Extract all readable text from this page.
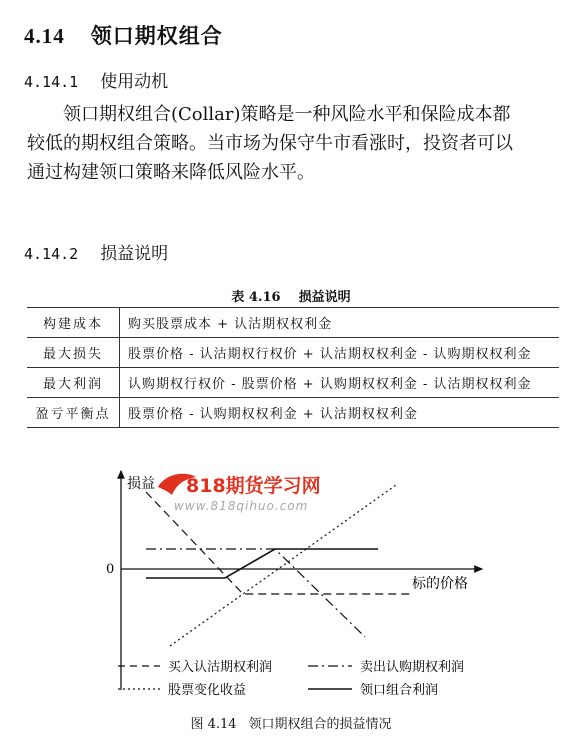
4.14 领口期权组合
4.14.1 使用动机

领口期权组合(Collar)策略是一种风险水平和保险成本都

较低的期权组合策略。当市场为保守牛市看涨时，投资者可以

通过构建领口策略来降低风险水平。

4.14.2 损益说明
表 4.16 损益说明
构建成本	购买股票成本 + 认沽期权权利金
最大损失	股票价格 - 认沽期权行权价 + 认沽期权权利金 - 认购期权权利金
最大利润	认购期权行权价 - 股票价格 + 认购期权权利金 - 认沽期权权利金
盈亏平衡点	股票价格 - 认购期权权利金 + 认沽期权权利金
损益
0
标的价格
818期货学习网
www.818qihuo.com
买入认沽期权利润	卖出认购期权利润
股票变化收益	领口组合利润
图 4.14 领口期权组合的损益情况
